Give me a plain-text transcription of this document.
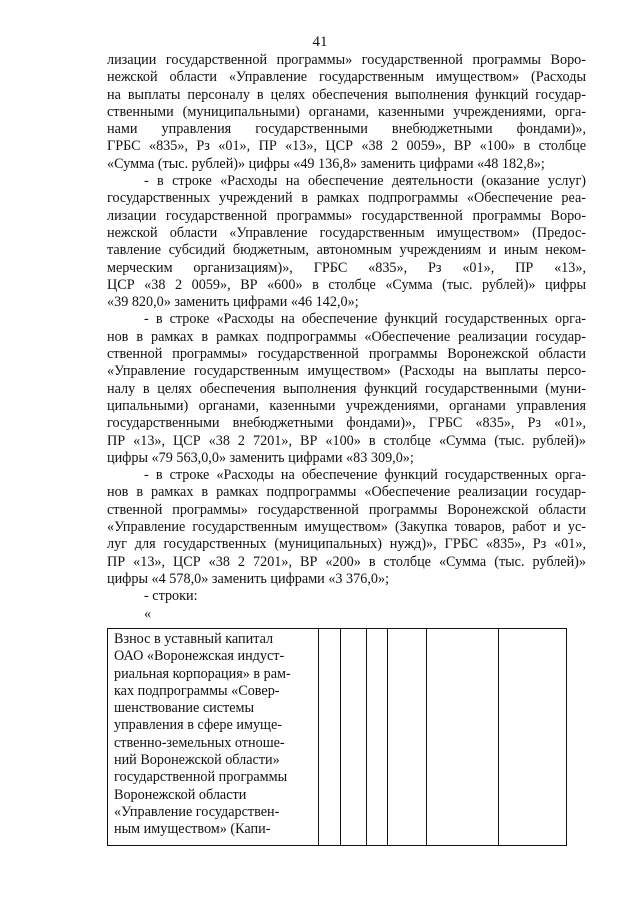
41
лизации государственной программы» государственной программы Воро-
нежской области «Управление государственным имуществом» (Расходы
на выплаты персоналу в целях обеспечения выполнения функций государ-
ственными (муниципальными) органами, казенными учреждениями, орга-
нами управления государственными внебюджетными фондами)»,
ГРБС «835», Рз «01», ПР «13», ЦСР «38 2 0059», ВР «100» в столбце
«Сумма (тыс. рублей)» цифры «49 136,8» заменить цифрами «48 182,8»;
- в строке «Расходы на обеспечение деятельности (оказание услуг)
государственных учреждений в рамках подпрограммы «Обеспечение реа-
лизации государственной программы» государственной программы Воро-
нежской области «Управление государственным имуществом» (Предос-
тавление субсидий бюджетным, автономным учреждениям и иным неком-
мерческим организациям)», ГРБС «835», Рз «01», ПР «13»,
ЦСР «38 2 0059», ВР «600» в столбце «Сумма (тыс. рублей)» цифры
«39 820,0» заменить цифрами «46 142,0»;
- в строке «Расходы на обеспечение функций государственных орга-
нов в рамках в рамках подпрограммы «Обеспечение реализации государ-
ственной программы» государственной программы Воронежской области
«Управление государственным имуществом» (Расходы на выплаты персо-
налу в целях обеспечения выполнения функций государственными (муни-
ципальными) органами, казенными учреждениями, органами управления
государственными внебюджетными фондами)», ГРБС «835», Рз «01»,
ПР «13», ЦСР «38 2 7201», ВР «100» в столбце «Сумма (тыс. рублей)»
цифры «79 563,0,0» заменить цифрами «83 309,0»;
- в строке «Расходы на обеспечение функций государственных орга-
нов в рамках в рамках подпрограммы «Обеспечение реализации государ-
ственной программы» государственной программы Воронежской области
«Управление государственным имуществом» (Закупка товаров, работ и ус-
луг для государственных (муниципальных) нужд)», ГРБС «835», Рз «01»,
ПР «13», ЦСР «38 2 7201», ВР «200» в столбце «Сумма (тыс. рублей)»
цифры «4 578,0» заменить цифрами «3 376,0»;
- строки:
«
Взнос в уставный капитал
ОАО «Воронежская индуст-
риальная корпорация» в рам-
ках подпрограммы «Совер-
шенствование системы
управления в сфере имуще-
ственно-земельных отноше-
ний Воронежской области»
государственной программы
Воронежской области
«Управление государствен-
ным имуществом» (Капи-
